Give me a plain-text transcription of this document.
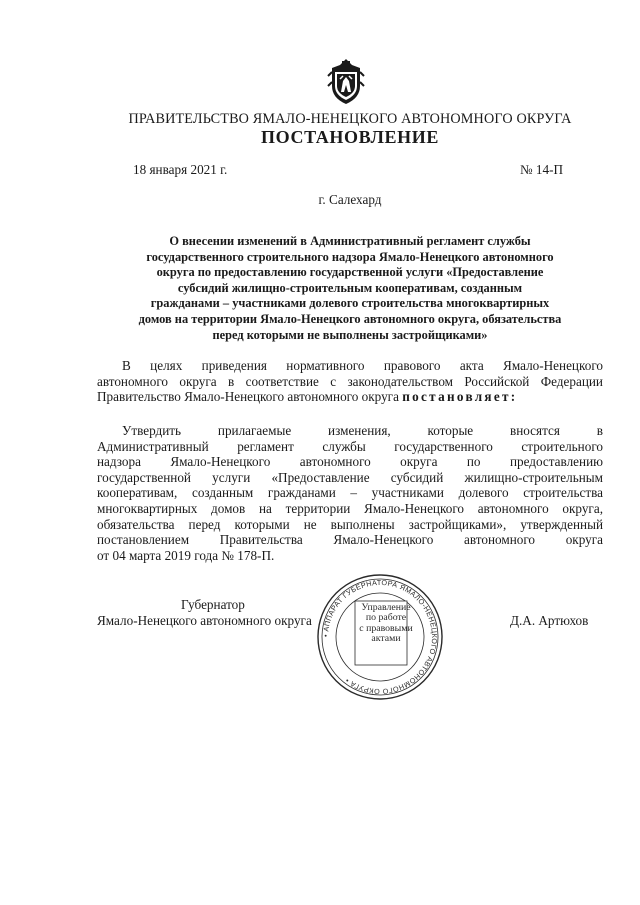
ПРАВИТЕЛЬСТВО ЯМАЛО-НЕНЕЦКОГО АВТОНОМНОГО ОКРУГА
ПОСТАНОВЛЕНИЕ
18 января 2021 г.	№ 14-П
г. Салехард
О внесении изменений в Административный регламент службы
государственного строительного надзора Ямало-Ненецкого автономного
округа по предоставлению государственной услуги «Предоставление
субсидий жилищно-строительным кооперативам, созданным
гражданами – участниками долевого строительства многоквартирных
домов на территории Ямало-Ненецкого автономного округа, обязательства
перед которыми не выполнены застройщиками»
В целях приведения нормативного правового акта Ямало-Ненецкого
автономного округа в соответствие с законодательством Российской Федерации
Правительство Ямало-Ненецкого автономного округа постановляет:
Утвердить прилагаемые изменения, которые вносятся в
Административный регламент службы государственного строительного
надзора Ямало-Ненецкого автономного округа по предоставлению
государственной услуги «Предоставление субсидий жилищно-строительным
кооперативам, созданным гражданами – участниками долевого строительства
многоквартирных домов на территории Ямало-Ненецкого автономного округа,
обязательства перед которыми не выполнены застройщиками», утвержденный
постановлением Правительства Ямало-Ненецкого автономного округа
от 04 марта 2019 года № 178-П.
• АППАРАТ ГУБЕРНАТОРА ЯМАЛО-НЕНЕЦКОГО АВТОНОМНОГО ОКРУГА •
Управление
по работе
с правовыми
актами
Губернатор
Ямало-Ненецкого автономного округа	Д.А. Артюхов
